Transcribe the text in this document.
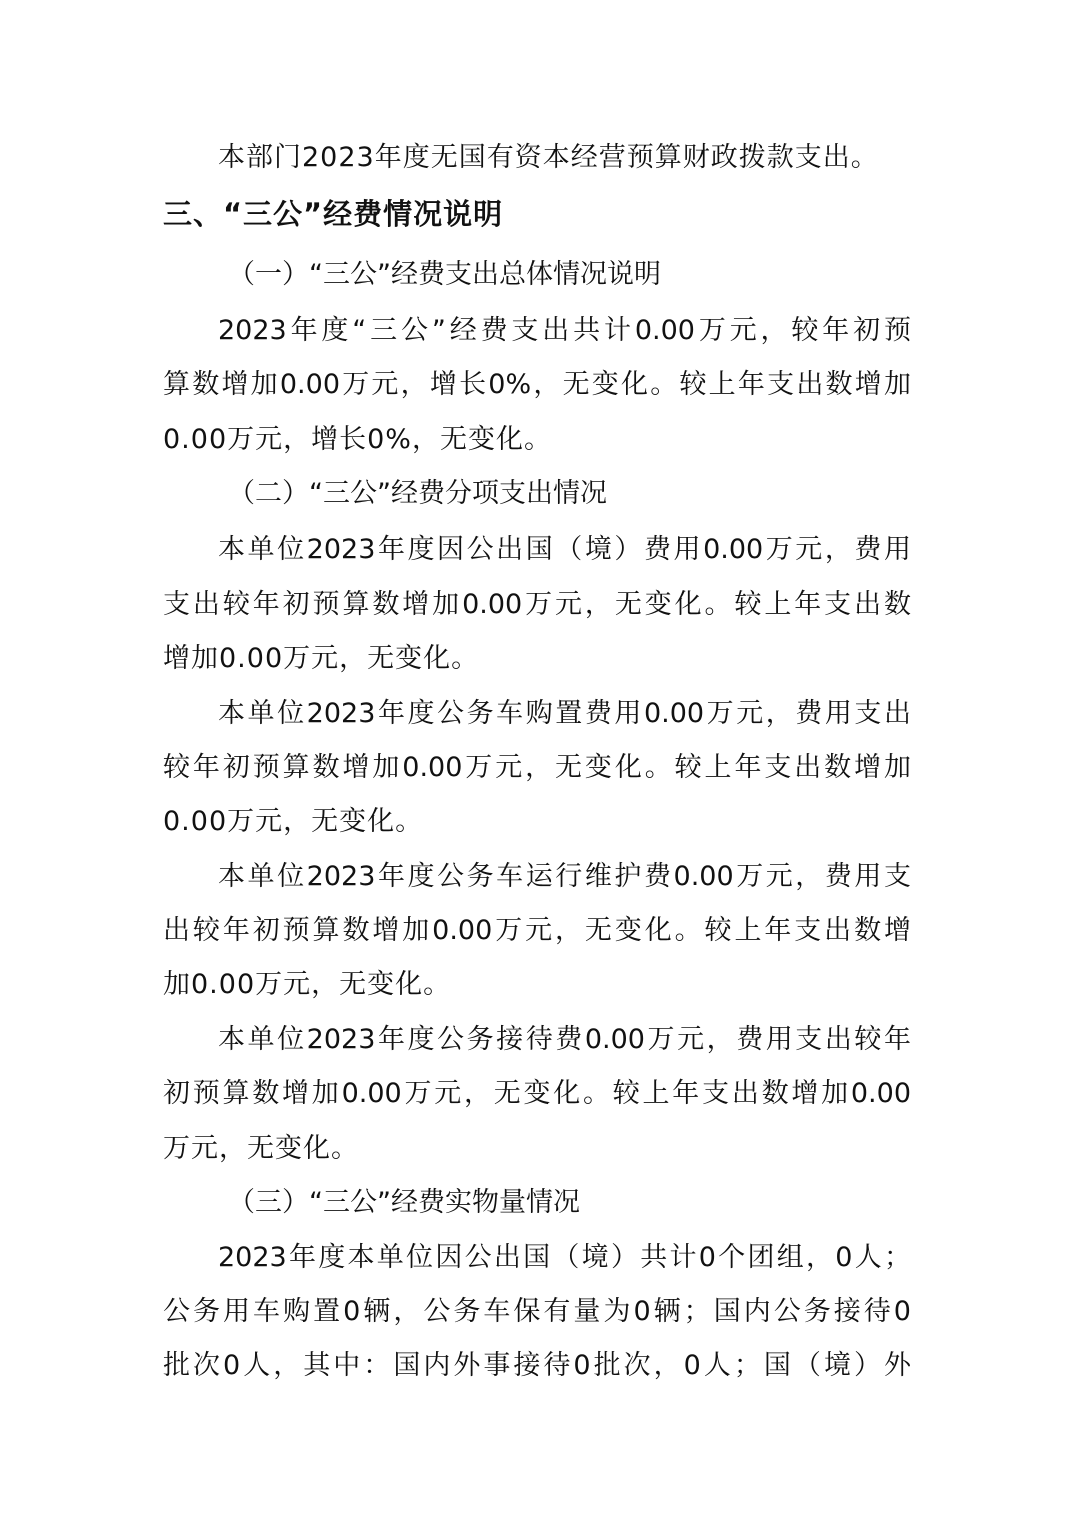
本部门2023年度无国有资本经营预算财政拨款支出。
三、“三公”经费情况说明
（一）“三公”经费支出总体情况说明
2023年度“三公”经费支出共计0.00万元，较年初预
算数增加0.00万元，增长0%，无变化。较上年支出数增加
0.00万元，增长0%，无变化。
（二）“三公”经费分项支出情况
本单位2023年度因公出国（境）费用0.00万元，费用
支出较年初预算数增加0.00万元，无变化。较上年支出数
增加0.00万元，无变化。
本单位2023年度公务车购置费用0.00万元，费用支出
较年初预算数增加0.00万元，无变化。较上年支出数增加
0.00万元，无变化。
本单位2023年度公务车运行维护费0.00万元，费用支
出较年初预算数增加0.00万元，无变化。较上年支出数增
加0.00万元，无变化。
本单位2023年度公务接待费0.00万元，费用支出较年
初预算数增加0.00万元，无变化。较上年支出数增加0.00
万元，无变化。
（三）“三公”经费实物量情况
2023年度本单位因公出国（境）共计0个团组，0人；
公务用车购置0辆，公务车保有量为0辆；国内公务接待0
批次0人，其中：国内外事接待0批次，0人；国（境）外
